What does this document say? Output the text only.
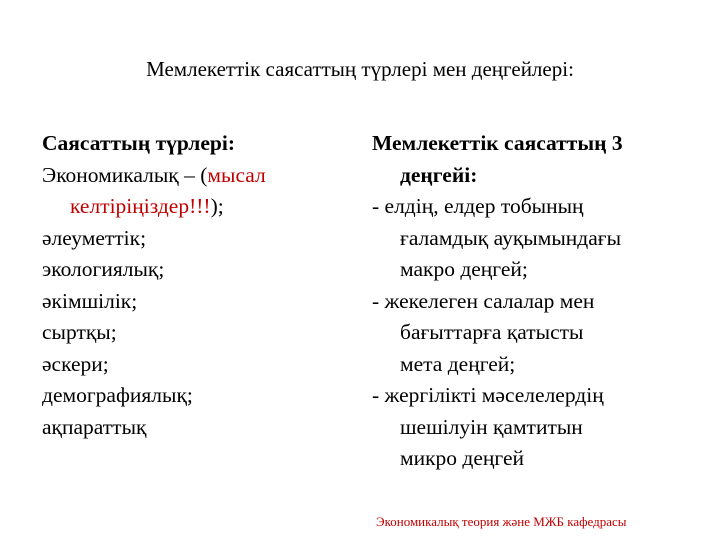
Мемлекеттік саясаттың түрлері мен деңгейлері:
Саясаттың түрлері:
Экономикалық – (мысал
келтіріңіздер!!!);
әлеуметтік;
экологиялық;
әкімшілік;
сыртқы;
әскери;
демографиялық;
ақпараттық
Мемлекеттік саясаттың 3
деңгейі:
- елдің, елдер тобының
ғаламдық ауқымындағы
макро деңгей;
- жекелеген салалар мен
бағыттарға қатысты
мета деңгей;
- жергілікті мәселелердің
шешілуін қамтитын
микро деңгей
Экономикалық теория және МЖБ кафедрасы
